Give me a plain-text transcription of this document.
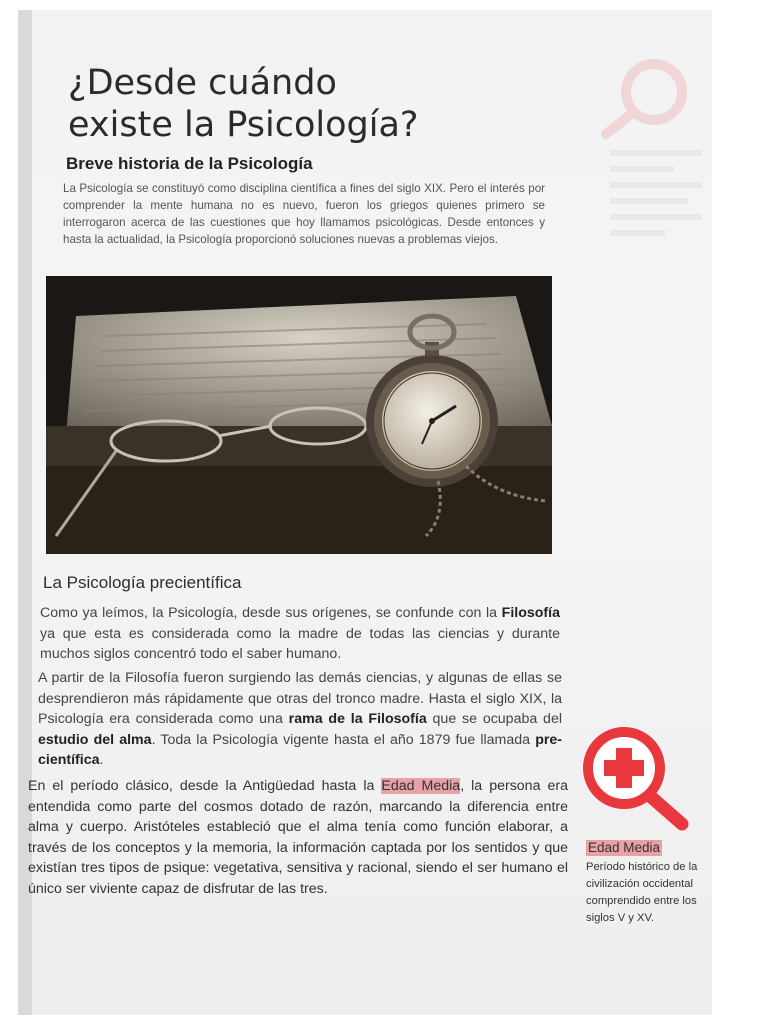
¿Desde cuándo
existe la Psicología?
Breve historia de la Psicología
La Psicología se constituyó como disciplina científica a fines del siglo XIX. Pero el interés por comprender la mente humana no es nuevo, fueron los griegos quienes primero se interrogaron acerca de las cuestiones que hoy llamamos psicológicas. Desde entonces y hasta la actualidad, la Psicología proporcionó soluciones nuevas a problemas viejos.
La Psicología precientífica
Como ya leímos, la Psicología, desde sus orígenes, se confunde con la Filosofía ya que esta es considerada como la madre de todas las ciencias y durante muchos siglos concentró todo el saber humano.
A partir de la Filosofía fueron surgiendo las demás ciencias, y algunas de ellas se desprendieron más rápidamente que otras del tronco madre. Hasta el siglo XIX, la Psicología era considerada como una rama de la Filosofía que se ocupaba del estudio del alma. Toda la Psicología vigente hasta el año 1879 fue llamada pre-científica.
En el período clásico, desde la Antigüedad hasta la Edad Media, la persona era entendida como parte del cosmos dotado de razón, marcando la diferencia entre alma y cuerpo. Aristóteles estableció que el alma tenía como función elaborar, a través de los conceptos y la memoria, la información captada por los sentidos y que existían tres tipos de psique: vegetativa, sensitiva y racional, siendo el ser humano el único ser viviente capaz de disfrutar de las tres.
Edad Media
Período histórico de la civilización occidental comprendido entre los siglos V y XV.
